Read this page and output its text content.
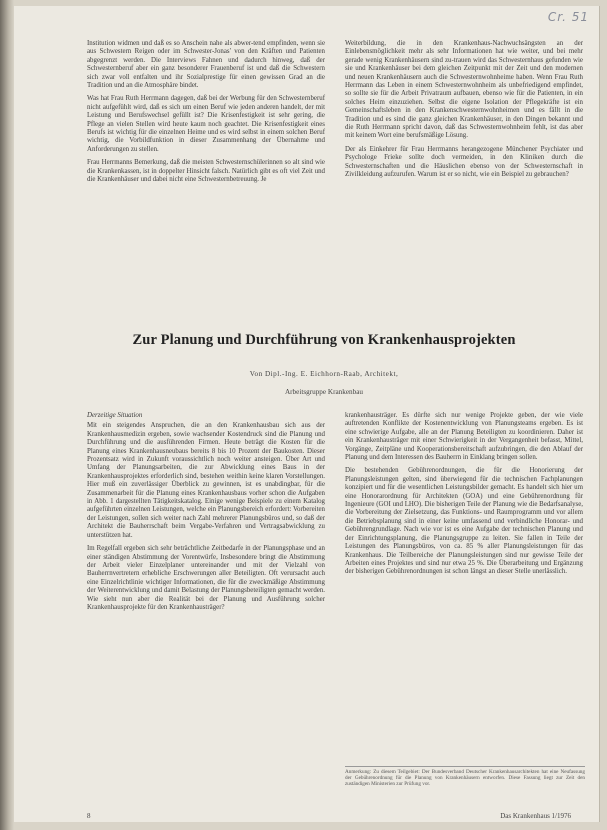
Cr. 51

Institution widmen und daß es so Anschein nahe als abwer-tend empfinden, wenn sie aus Schwestern Reigen oder im Schwester-Jonas' von den Kräften und Patienten abgegrenzt werden. Die Interviews Fahnen und dadurch hinweg, daß der Schwesternberuf aber ein ganz besonderer Frauenberuf ist und daß die Schwestern sich zwar voll entfalten und ihr Sozialprestige für einen gewissen Grad an die Tradition und an die Atmosphäre bindet.

Was hat Frau Ruth Herrmann dagegen, daß bei der Werbung für den Schwesternberuf nicht aufgefühlt wird, daß es sich um einen Beruf wie jeden anderen handelt, der mit Leistung und Berufswechsel gefüllt ist? Die Krisenfestigkeit ist sehr gering, die Pflege an vielen Stellen wird heute kaum noch geachtet. Die Krisenfestigkeit eines Berufs ist wichtig für die einzelnen Heime und es wird selbst in einem solchen Beruf wichtig, die Vorbildfunktion in dieser Zusammenhang der Übernahme und Anforderungen zu stellen.

Frau Herrmanns Bemerkung, daß die meisten Schwesternschülerinnen so alt sind wie die Krankenkassen, ist in doppelter Hinsicht falsch. Natürlich gibt es oft viel Zeit und die Krankenhäuser und dabei nicht eine Schwesternbetreuung. Je

Weiterbildung, die in den Krankenhaus-Nachwuchsängsten an der Einlebensmöglichkeit mehr als sehr Informationen hat wie weiter, und bei mehr gerade wenig Krankenhäusern sind zu-trauen wird das Schwesternhaus gefunden wie sie und Krankenhäuser bei dem gleichen Zeitpunkt mit der Zeit und den modernen und neuen Krankenhäusern auch die Schwesternwohnheime haben. Wenn Frau Ruth Herrmann das Leben in einem Schwesternwohnheim als unbefriedigend empfindet, so sollte sie für die Arbeit Privatraum aufbauen, ebenso wie für die Patienten, in ein solches Heim einzuziehen. Selbst die eigene Isolation der Pflegekräfte ist ein Gemeinschaftsleben in den Krankenschwesternwohnheimen und es fällt in die Tradition und es sind die ganz gleichen Krankenhäuser, in den Dingen bekannt und die Ruth Herrmann spricht davon, daß das Schwesternwohnheim fehlt, ist das aber mit keinem Wort eine berufsmäßige Lösung.

Der als Einkehrer für Frau Herrmanns herangezogene Münchener Psychiater und Psychologe Frieke sollte doch vermeiden, in den Kliniken durch die Schwesternschaften und die Häuslichen ebenso von der Schwesternschaft in Zivilkleidung aufzurufen. Warum ist er so nicht, wie ein Beispiel zu gebrauchen?

Zur Planung und Durchführung von Krankenhausprojekten
Von Dipl.-Ing. E. Eichhorn-Raab, Architekt,
Arbeitsgruppe Krankenbau
Derzeitige Situation

Mit ein steigendes Anspruchen, die an den Krankenhausbau sich aus der Krankenhausmedizin ergeben, sowie wachsender Kostendruck sind die Planung und Durchführung und die ausführenden Firmen. Heute beträgt die Kosten für die Planung eines Krankenhausneubaus bereits 8 bis 10 Prozent der Baukosten. Dieser Prozentsatz wird in Zukunft voraussichtlich noch weiter ansteigen. Über Art und Umfang der Planungsarbeiten, die zur Abwicklung eines Baus in der Krankenhausprojektes erforderlich sind, bestehen weithin keine klaren Vorstellungen. Hier muß ein zuverlässiger Überblick zu gewinnen, ist es unabdingbar, für die Zusammenarbeit für die Planung eines Krankenhausbaus vorher schon die Aufgaben in Abb. 1 dargestellten Tätigkeitskatalog. Einige wenige Beispiele zu einem Katalog aufgeführten einzelnen Leistungen, welche ein Planungsbereich erfordert: Vorbereiten der Leistungen, sollen sich weiter nach Zahl mehrerer Planungsbüros und, so daß der Architekt die Bauherrschaft beim Vergabe-Verfahren und Vertragsabwicklung zu unterstützen hat.

Im Regelfall ergeben sich sehr beträchtliche Zeitbedarfe in der Planungsphase und an einer ständigen Abstimmung der Vorentwürfe, Insbesondere bringt die Abstimmung der Arbeit vieler Einzelplaner untereinander und mit der Vielzahl von Bauherrnvertretern erhebliche Erschwerungen aller Beteiligten. Oft verursacht auch eine Einzelrichtlinie wichtiger Informationen, die für die zweckmäßige Abstimmung der Weiterentwicklung und damit Belastung der Planungsbeteiligten gemacht werden. Wie sieht nun aber die Realität bei der Planung und Ausführung solcher Krankenhausprojekte für den Krankenhausträger?

krankenhausträger. Es dürfte sich nur wenige Projekte geben, der wie viele auftretenden Konflikte der Kostenentwicklung von Planungsteams ergeben. Es ist eine schwierige Aufgabe, alle an der Planung Beteiligten zu koordinieren. Daher ist ein Krankenhausträger mit einer Schwierigkeit in der Vergangenheit befasst, Mittel, Vorgänge, Zeitpläne und Kooperationsbereitschaft aufzubringen, die den Ablauf der Planung und dem Interessen des Bauherrn in Einklang bringen sollen.

Die bestehenden Gebührenordnungen, die für die Honorierung der Planungsleistungen gelten, sind überwiegend für die technischen Fachplanungen konzipiert und für die wesentlichen Leistungsbilder gemacht. Es handelt sich hier um eine Honorarordnung für Architekten (GOA) und eine Gebührenordnung für Ingenieure (GOI und LHO). Die bisherigen Teile der Planung wie die Bedarfsanalyse, die Vorbereitung der Zielsetzung, das Funktions- und Raumprogramm und vor allem die Betriebsplanung sind in einer keine umfassend und verbindliche Honorar- und Gebührengrundlage. Nach wie vor ist es eine Aufgabe der technischen Planung und der Einrichtungsplanung, die Planungsgruppe zu leiten. Sie fallen in Teile der Leistungen des Planungsbüros, von ca. 85 % aller Planungsleistungen für das Krankenhaus. Die Teilbereiche der Planungsleistungen sind nur gewisse Teile der Arbeiten eines Projektes und sind nur etwa 25 %. Die Überarbeitung und Ergänzung der bisherigen Gebührenordnungen ist schon längst an dieser Stelle unerlässlich.

Anmerkung: Zu diesem Teilgebiet: Der Bundesverband Deutscher Krankenhausarchitekten hat eine Neufassung der Gebührenordnung für die Planung von Krankenhäusern entworfen. Diese Fassung liegt zur Zeit den zuständigen Ministerien zur Prüfung vor.
8	Das Krankenhaus 1/1976
